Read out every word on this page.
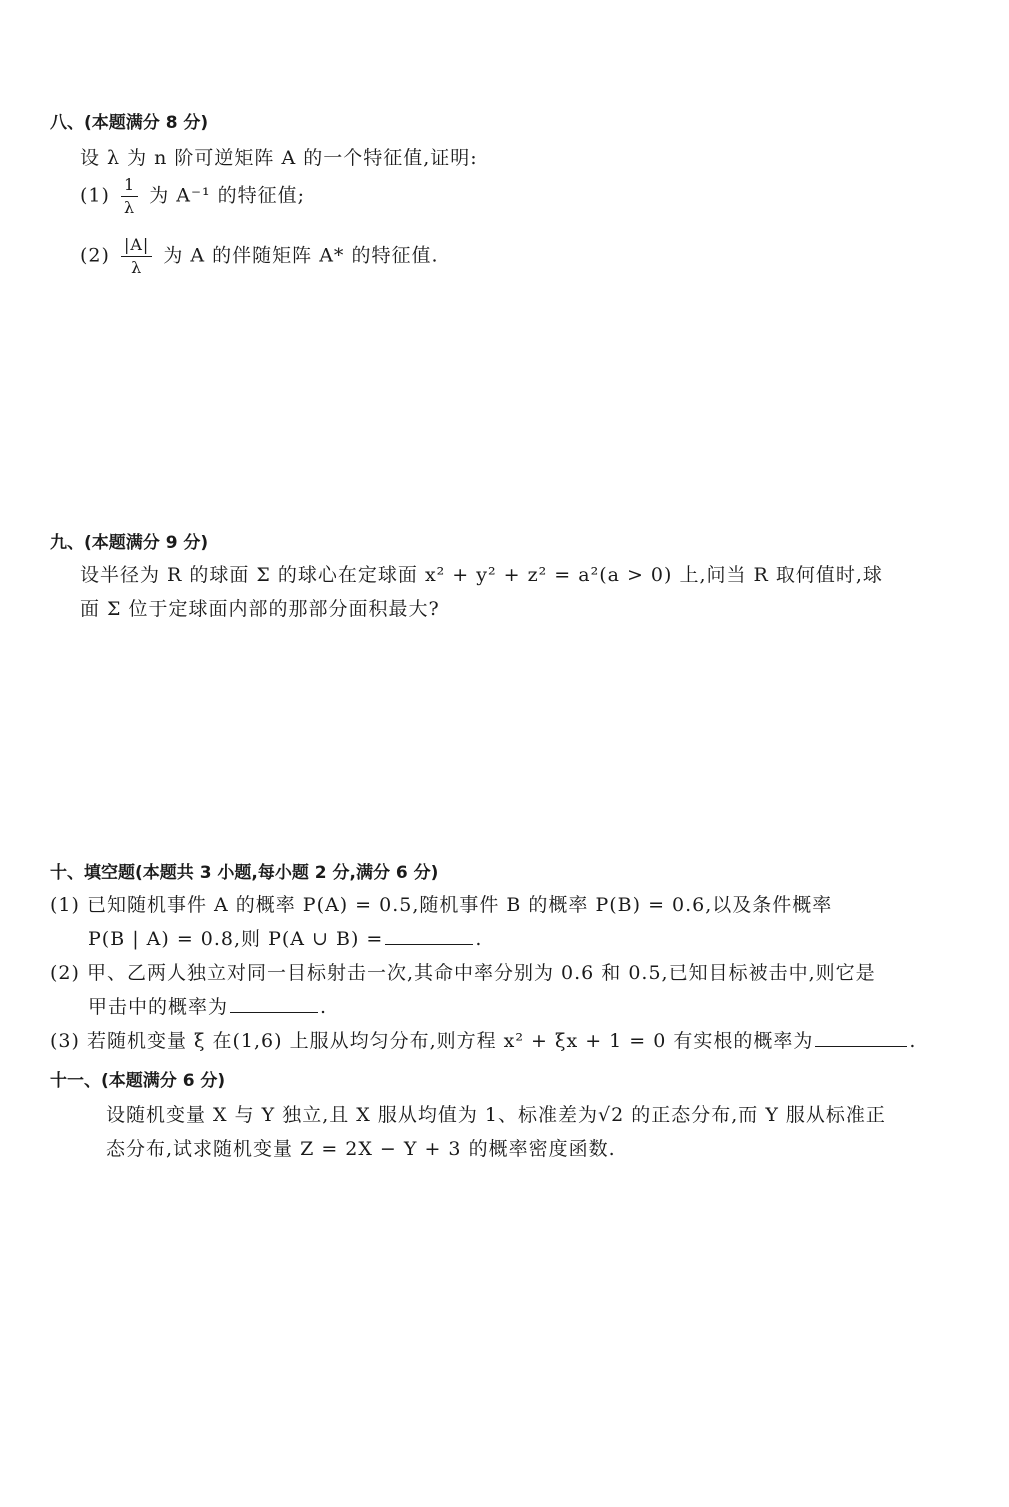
八、(本题满分 8 分)
设 λ 为 n 阶可逆矩阵 A 的一个特征值,证明:
$(1) \frac{1}{\lambda}$ 为 A⁻¹ 的特征值;
$(2) \frac{|A|}{\lambda}$ 为 A 的伴随矩阵 A* 的特征值.
九、(本题满分 9 分)
设半径为 R 的球面 Σ 的球心在定球面 x² + y² + z² = a²(a > 0) 上,问当 R 取何值时,球
面 Σ 位于定球面内部的那部分面积最大?
十、填空题(本题共 3 小题,每小题 2 分,满分 6 分)
(1) 已知随机事件 A 的概率 P(A) = 0.5,随机事件 B 的概率 P(B) = 0.6,以及条件概率
P(B | A) = 0.8,则 P(A ∪ B) =	.
(2) 甲、乙两人独立对同一目标射击一次,其命中率分别为 0.6 和 0.5,已知目标被击中,则它是
甲击中的概率为	.
(3) 若随机变量 ξ 在(1,6) 上服从均匀分布,则方程 x² + ξx + 1 = 0 有实根的概率为	.
十一、(本题满分 6 分)
设随机变量 X 与 Y 独立,且 X 服从均值为 1、标准差为√2 的正态分布,而 Y 服从标准正
态分布,试求随机变量 Z = 2X − Y + 3 的概率密度函数.
